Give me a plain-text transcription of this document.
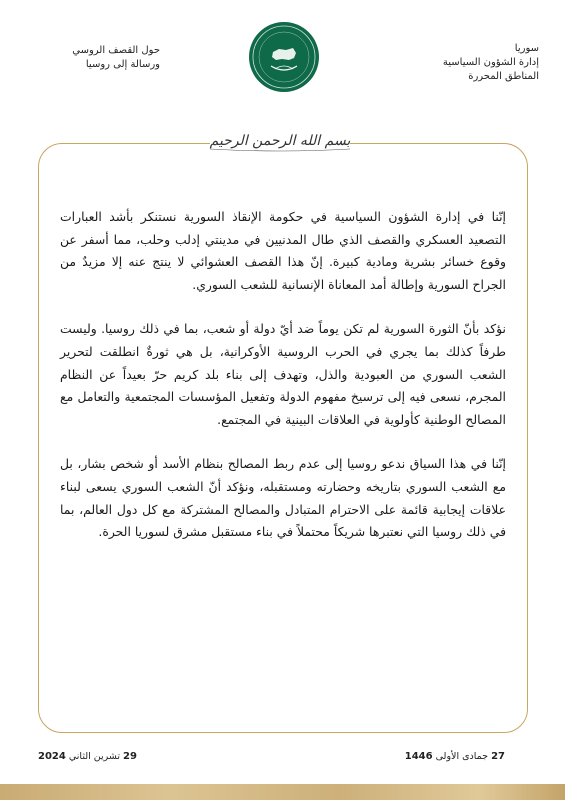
سوريا
إدارة الشؤون السياسية
المناطق المحررة
حول القصف الروسي
ورسالة إلى روسيا
بسم الله الرحمن الرحيم

إنّنا في إدارة الشؤون السياسية في حكومة الإنقاذ السورية نستنكر بأشد العبارات التصعيد العسكري والقصف الذي طال المدنيين في مدينتي إدلب وحلب، مما أسفر عن وقوع خسائر بشرية ومادية كبيرة. إنّ هذا القصف العشوائي لا ينتج عنه إلا مزيدٌ من الجراح السورية وإطالة أمد المعاناة الإنسانية للشعب السوري.

نؤكد بأنّ الثورة السورية لم تكن يوماً ضد أيّ دولة أو شعب، بما في ذلك روسيا. وليست طرفاً كذلك بما يجري في الحرب الروسية الأوكرانية، بل هي ثورةٌ انطلقت لتحرير الشعب السوري من العبودية والذل، وتهدف إلى بناء بلد كريم حرّ بعيداً عن النظام المجرم، نسعى فيه إلى ترسيخ مفهوم الدولة وتفعيل المؤسسات المجتمعية والتعامل مع المصالح الوطنية كأولوية في العلاقات البينية في المجتمع.

إنّنا في هذا السياق ندعو روسيا إلى عدم ربط المصالح بنظام الأسد أو شخص بشار، بل مع الشعب السوري بتاريخه وحضارته ومستقبله، ونؤكد أنّ الشعب السوري يسعى لبناء علاقات إيجابية قائمة على الاحترام المتبادل والمصالح المشتركة مع كل دول العالم، بما في ذلك روسيا التي نعتبرها شريكاً محتملاً في بناء مستقبل مشرق لسوريا الحرة.

27 جمادى الأولى 1446
29 تشرين الثاني 2024
